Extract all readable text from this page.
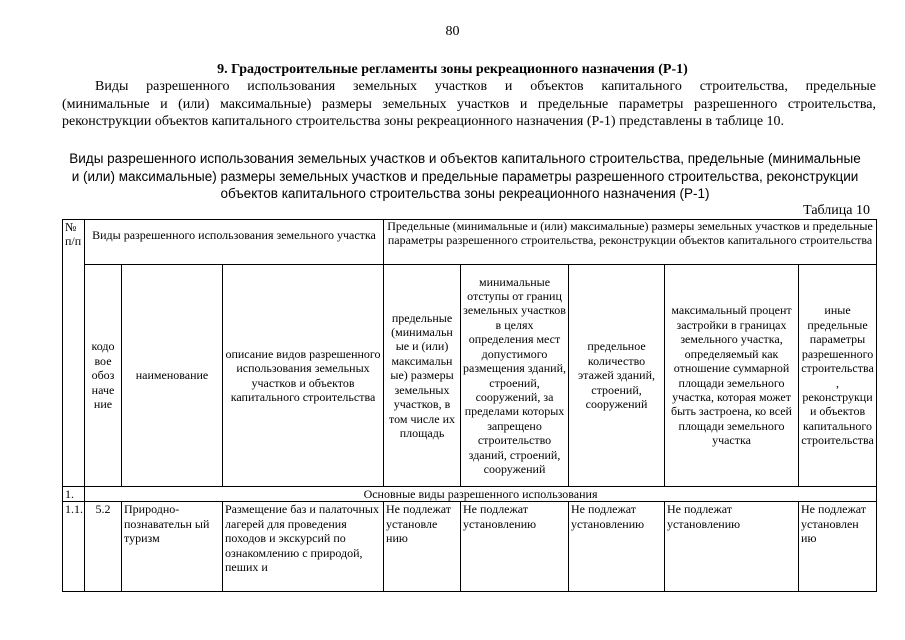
80
9. Градостроительные регламенты зоны рекреационного назначения (Р-1)
Виды разрешенного использования земельных участков и объектов капитального строительства, предельные
(минимальные и (или) максимальные) размеры земельных участков и предельные параметры разрешенного строительства,
реконструкции объектов капитального строительства зоны рекреационного назначения (Р-1) представлены в таблице 10.
Виды разрешенного использования земельных участков и объектов капитального строительства, предельные (минимальные
и (или) максимальные) размеры земельных участков и предельные параметры разрешенного строительства, реконструкции
объектов капитального строительства зоны рекреационного назначения (Р-1)
Таблица 10
№ п/п	Виды разрешенного использования земельного участка			Предельные (минимальные и (или) максимальные) размеры земельных участков и предельные параметры разрешенного строительства, реконструкции объектов капитального строительства				

	кодо вое обоз наче ние	наименование	описание видов разрешенного использования земельных участков и объектов капитального строительства	предельные (минимальн ые и (или) максимальн ые) размеры земельных участков, в том числе их площадь	минимальные отступы от границ земельных участков в целях определения мест допустимого размещения зданий, строений, сооружений, за пределами которых запрещено строительство зданий, строений, сооружений	предельное количество этажей зданий, строений, сооружений	максимальный процент застройки в границах земельного участка, определяемый как отношение суммарной площади земельного участка, которая может быть застроена, ко всей площади земельного участка	иные предельные параметры разрешенного строительства, реконструкции объектов капитального строительства

1.	Основные виды разрешенного использования							
1.1.	5.2	Природно-познавательн ый туризм	Размещение баз и палаточных лагерей для проведения походов и экскурсий по ознакомлению с природой, пеших и	Не подлежат установле нию	Не подлежат установлению	Не подлежат установлению	Не подлежат установлению	Не подлежат установлен ию
